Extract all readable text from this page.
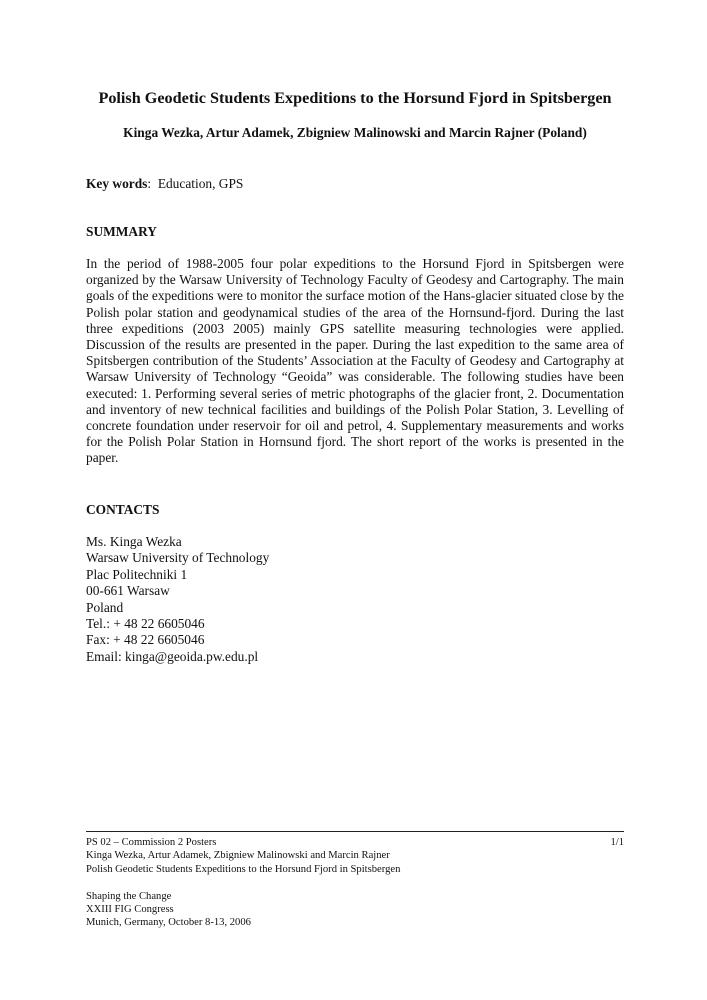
Polish Geodetic Students Expeditions to the Horsund Fjord in Spitsbergen
Kinga Wezka, Artur Adamek, Zbigniew Malinowski and Marcin Rajner (Poland)

Key words: Education, GPS

SUMMARY

In the period of 1988-2005 four polar expeditions to the Horsund Fjord in Spitsbergen were organized by the Warsaw University of Technology Faculty of Geodesy and Cartography. The main goals of the expeditions were to monitor the surface motion of the Hans-glacier situated close by the Polish polar station and geodynamical studies of the area of the Hornsund-fjord. During the last three expeditions (2003 2005) mainly GPS satellite measuring technologies were applied. Discussion of the results are presented in the paper. During the last expedition to the same area of Spitsbergen contribution of the Students’ Association at the Faculty of Geodesy and Cartography at Warsaw University of Technology “Geoida” was considerable. The following studies have been executed: 1. Performing several series of metric photographs of the glacier front, 2. Documentation and inventory of new technical facilities and buildings of the Polish Polar Station, 3. Levelling of concrete foundation under reservoir for oil and petrol, 4. Supplementary measurements and works for the Polish Polar Station in Hornsund fjord. The short report of the works is presented in the paper.

CONTACTS
Ms. Kinga Wezka
Warsaw University of Technology
Plac Politechniki 1
00-661 Warsaw
Poland
Tel.: + 48 22 6605046
Fax: + 48 22 6605046
Email: kinga@geoida.pw.edu.pl
PS 02 – Commission 2 Posters	1/1
Kinga Wezka, Artur Adamek, Zbigniew Malinowski and Marcin Rajner
Polish Geodetic Students Expeditions to the Horsund Fjord in Spitsbergen
Shaping the Change
XXIII FIG Congress
Munich, Germany, October 8-13, 2006
